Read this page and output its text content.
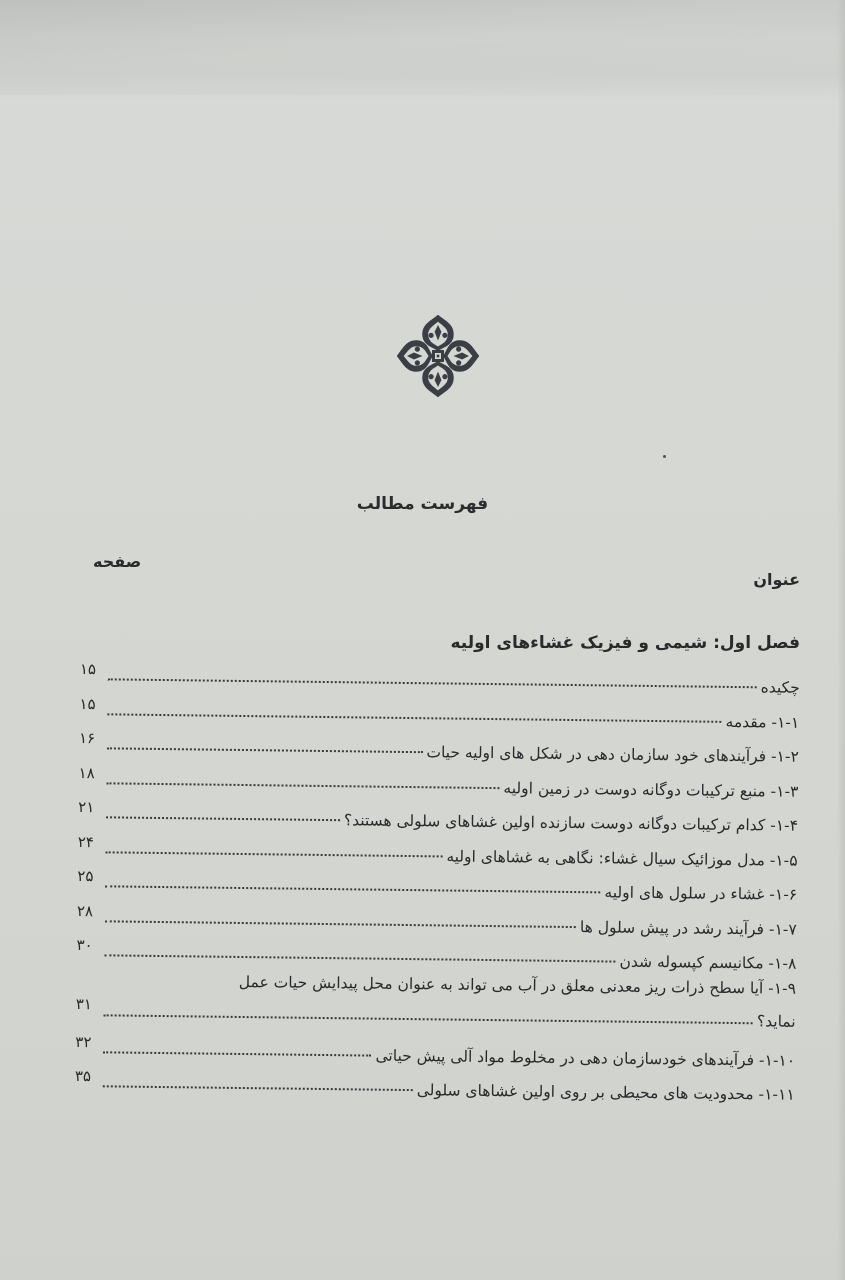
فهرست مطالب
صفحه
عنوان
فصل اول: شیمی و فیزیک غشاءهای اولیه
۱۵
چکیده
۱۵
۱-۱- مقدمه
۱۶
۱-۲- فرآیندهای خود سازمان دهی در شکل های اولیه حیات
۱۸
۱-۳- منبع ترکیبات دوگانه دوست در زمین اولیه
۲۱
۱-۴- کدام ترکیبات دوگانه دوست سازنده اولین غشاهای سلولی هستند؟
۲۴
۱-۵- مدل موزائیک سیال غشاء: نگاهی به غشاهای اولیه
۲۵
۱-۶- غشاء در سلول های اولیه
۲۸
۱-۷- فرآیند رشد در پیش سلول ها
۳۰
۱-۸- مکانیسم کپسوله شدن
۱-۹- آیا سطح ذرات ریز معدنی معلق در آب می تواند به عنوان محل پیدایش حیات عمل
۳۱
نماید؟
۳۲
۱-۱۰- فرآیندهای خودسازمان دهی در مخلوط مواد آلی پیش حیاتی
۳۵
۱-۱۱- محدودیت های محیطی بر روی اولین غشاهای سلولی
